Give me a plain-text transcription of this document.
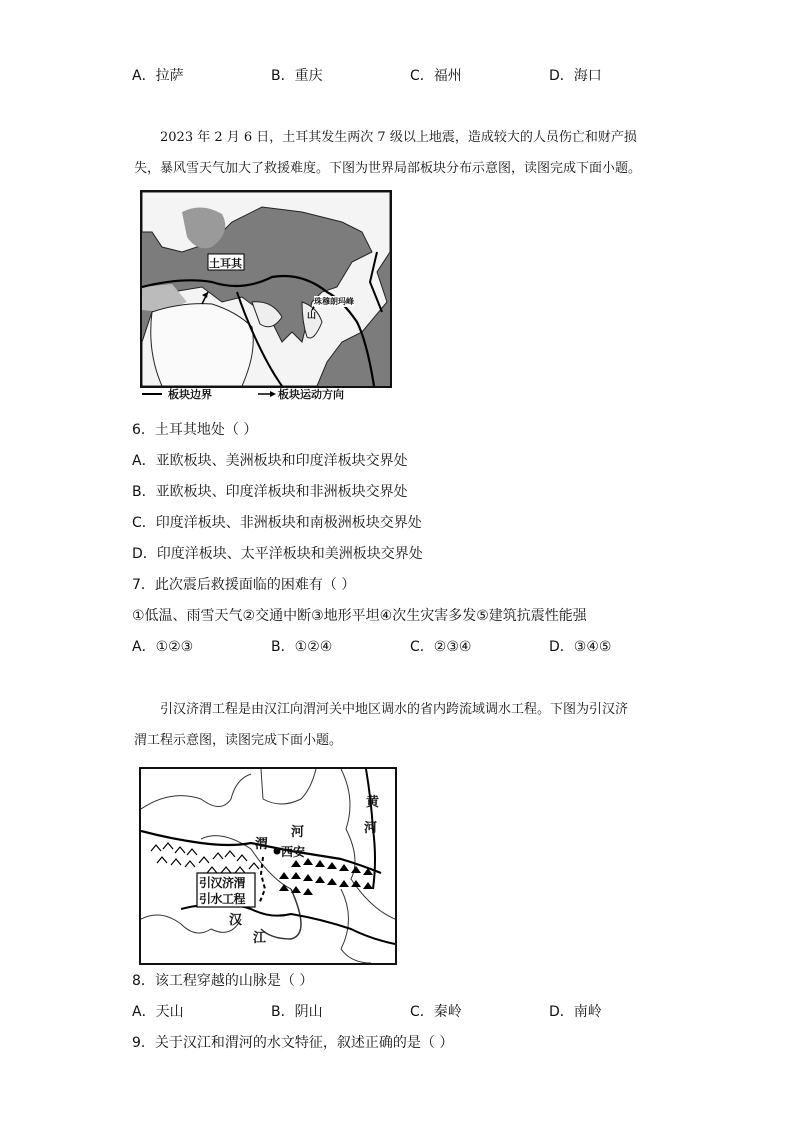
A．拉萨	B．重庆	C．福州	D．海口
2023 年 2 月 6 日，土耳其发生两次 7 级以上地震，造成较大的人员伤亡和财产损
失，暴风雪天气加大了救援难度。下图为世界局部板块分布示意图，读图完成下面小题。
土耳其
珠穆朗玛峰
山
板块边界	板块运动方向
6．土耳其地处（ ）
A．亚欧板块、美洲板块和印度洋板块交界处
B．亚欧板块、印度洋板块和非洲板块交界处
C．印度洋板块、非洲板块和南极洲板块交界处
D．印度洋板块、太平洋板块和美洲板块交界处
7．此次震后救援面临的困难有（ ）
①低温、雨雪天气②交通中断③地形平坦④次生灾害多发⑤建筑抗震性能强
A．①②③	B．①②④	C．②③④	D．③④⑤
引汉济渭工程是由汉江向渭河关中地区调水的省内跨流域调水工程。下图为引汉济
渭工程示意图，读图完成下面小题。
渭
河
西安
黄
河
引汉济渭
引水工程
汉
江
8．该工程穿越的山脉是（ ）
A．天山	B．阴山	C．秦岭	D．南岭
9．关于汉江和渭河的水文特征，叙述正确的是（ ）
